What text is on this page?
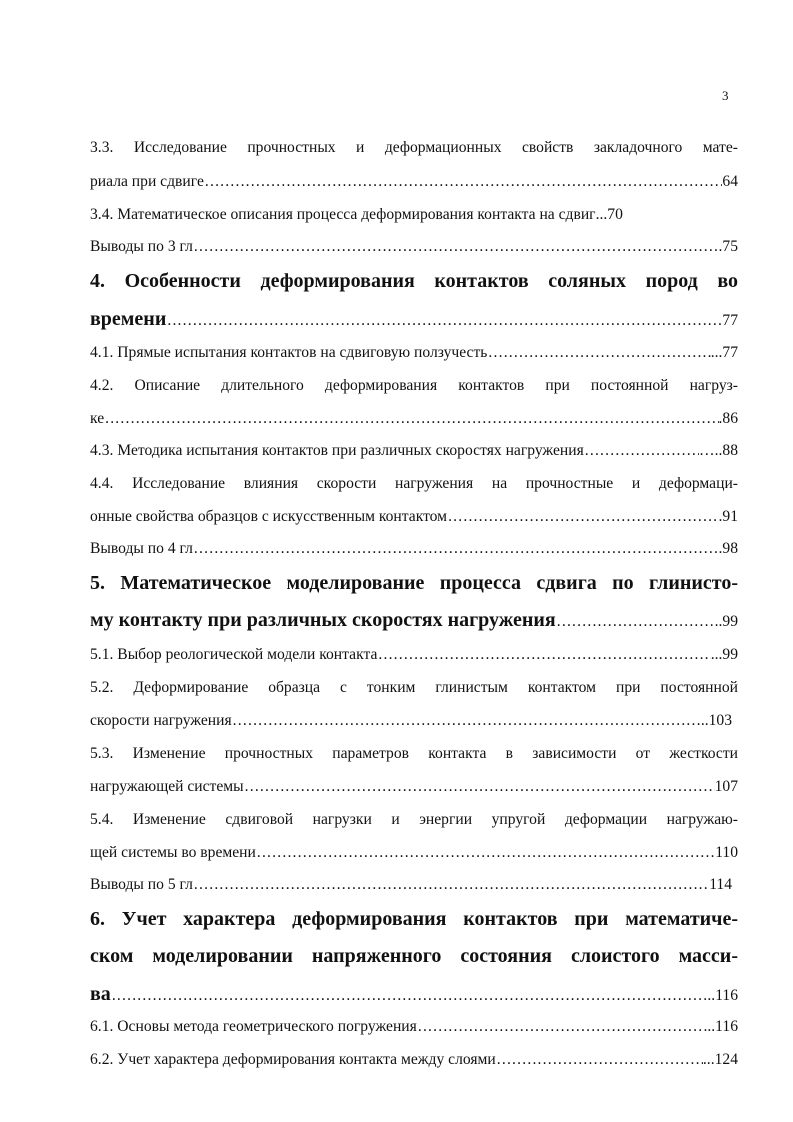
3
3.3. Исследование прочностных и деформационных свойств закладочного мате-
риала при сдвиге .....	64
3.4. Математическое описания процесса деформирования контакта на сдвиг ...70
Выводы по 3 гл .....	.75
4. Особенности деформирования контактов соляных пород во
времени .....	77
4.1. Прямые испытания контактов на сдвиговую ползучесть .....	...77
4.2. Описание длительного деформирования контактов при постоянной нагруз-
ке .....	.86
4.3. Методика испытания контактов при различных скоростях нагружения .....	…..88
4.4. Исследование влияния скорости нагружения на прочностные и деформаци-
онные свойства образцов с искусственным контактом .....	.91
Выводы по 4 гл .....	.98
5. Математическое моделирование процесса сдвига по глинисто-
му контакту при различных скоростях нагружения .....	..99
5.1. Выбор реологической модели контакта .....	...99
5.2. Деформирование образца с тонким глинистым контактом при постоянной
скорости нагружения .....	..103
5.3. Изменение прочностных параметров контакта в зависимости от жесткости
нагружающей системы .....	107
5.4. Изменение сдвиговой нагрузки и энергии упругой деформации нагружаю-
щей системы во времени .....	110
Выводы по 5 гл .....	114
6. Учет характера деформирования контактов при математиче-
ском моделировании напряженного состояния слоистого масси-
ва .....	..116
6.1. Основы метода геометрического погружения .....	...116
6.2. Учет характера деформирования контакта между слоями .....	...124
